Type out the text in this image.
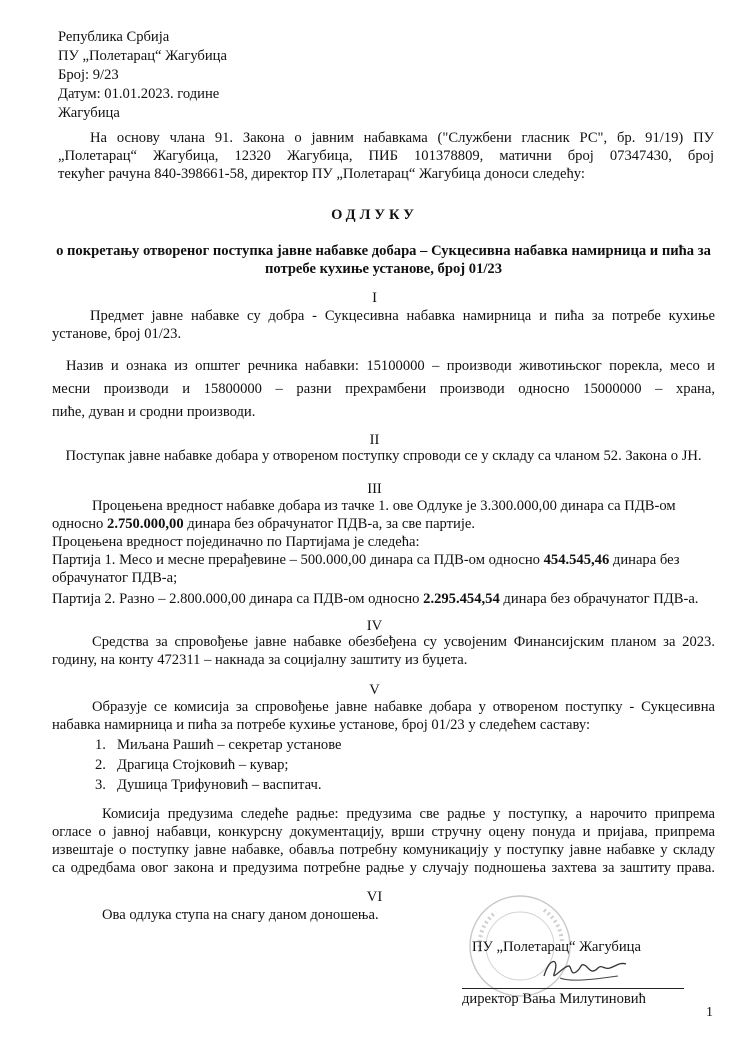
Република Србија
ПУ „Полетарац“ Жагубица
Број: 9/23
Датум: 01.01.2023. године
Жагубица
На основу члана 91. Закона о јавним набавкама ("Службени гласник РС", бр. 91/19) ПУ
„Полетарац“ Жагубица, 12320 Жагубица, ПИБ 101378809, матични број 07347430, број
текућег рачуна 840-398661-58, директор ПУ „Полетарац“ Жагубица доноси следећу:
ОДЛУКУ
о покретању отвореног поступка јавне набавке добара – Сукцесивна набавка намирница и пића за
потребе кухиње установе, број 01/23
I
Предмет јавне набавке су добра - Сукцесивна набавка намирница и пића за потребе кухиње
установе, број 01/23.
Назив и ознака из општег речника набавки: 15100000 – производи животињског порекла, месо и
месни производи и 15800000 – разни прехрамбени производи односно 15000000 – храна,
пиће, дуван и сродни производи.
II
Поступак јавне набавке добара у отвореном поступку спроводи се у складу са чланом 52. Закона о ЈН.
III
Процењена вредност набавке добара из тачке 1. ове Одлуке је 3.300.000,00 динара са ПДВ-ом
односно 2.750.000,00 динара без обрачунатог ПДВ-а, за све партије.
Процењена вредност појединачно по Партијама је следећа:
Партија 1. Месо и месне прерађевине – 500.000,00 динара са ПДВ-ом односно 454.545,46 динара без
обрачунатог ПДВ-а;
Партија 2. Разно – 2.800.000,00 динара са ПДВ-ом односно 2.295.454,54 динара без обрачунатог ПДВ-а.
IV
Средства за спровођење јавне набавке обезбеђена су усвојеним Финансијским планом за 2023.
годину, на конту 472311 – накнада за социјалну заштиту из буџета.
V
Образује се комисија за спровођење јавне набавке добара у отвореном поступку - Сукцесивна
набавка намирница и пића за потребе кухиње установе, број 01/23 у следећем саставу:
1. Миљана Рашић – секретар установе
2. Драгица Стојковић – кувар;
3. Душица Трифуновић – васпитач.
Комисија предузима следеће радње: предузима све радње у поступку, а нарочито припрема
огласе о јавној набавци, конкурсну документацију, врши стручну оцену понуда и пријава, припрема
извештаје о поступку јавне набавке, обавља потребну комуникацију у поступку јавне набавке у складу
са одредбама овог закона и предузима потребне радње у случају подношења захтева за заштиту права.
VI
Ова одлука ступа на снагу даном доношења.
ПУ „Полетарац“ Жагубица
директор Вања Милутиновић
1
